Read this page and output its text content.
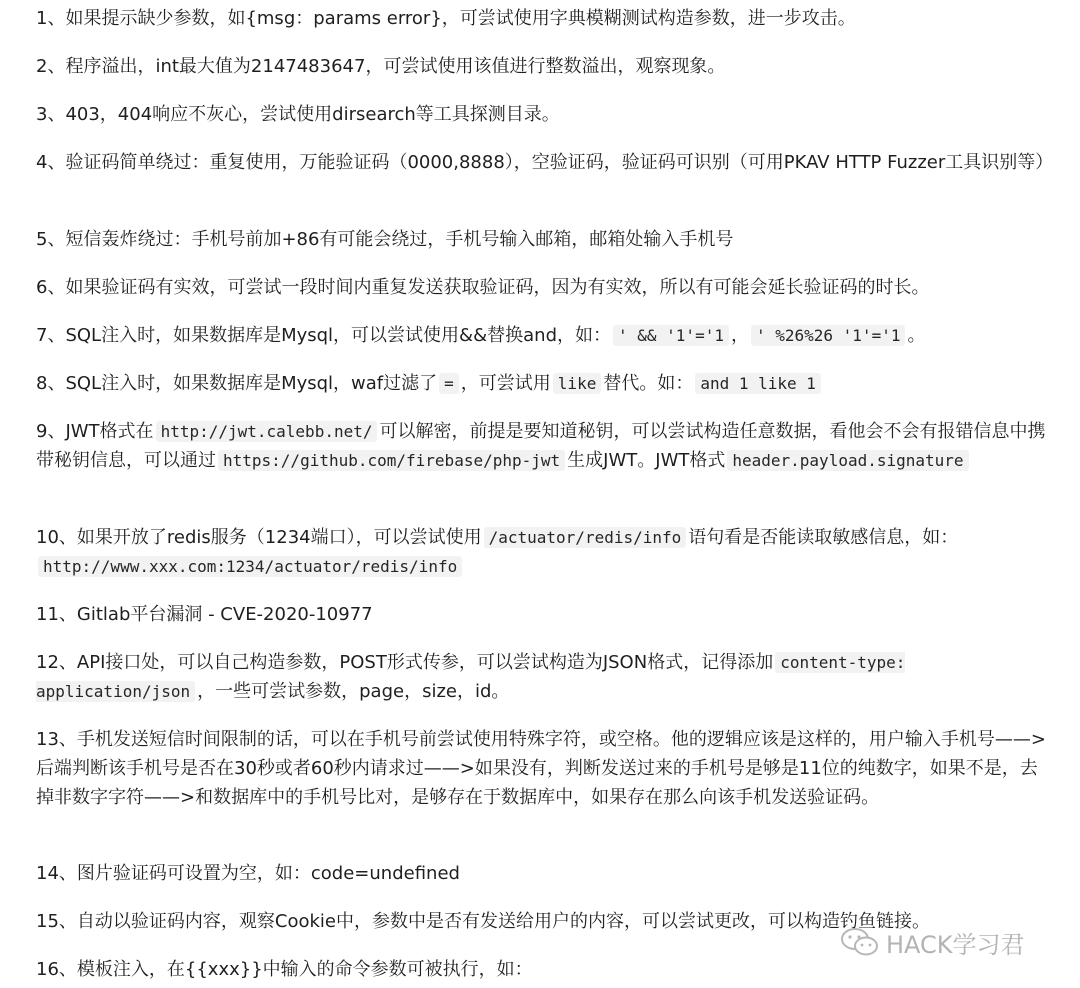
1、如果提示缺少参数，如{msg：params error}，可尝试使用字典模糊测试构造参数，进一步攻击。
2、程序溢出，int最大值为2147483647，可尝试使用该值进行整数溢出，观察现象。
3、403，404响应不灰心，尝试使用dirsearch等工具探测目录。
4、验证码简单绕过：重复使用，万能验证码（0000,8888），空验证码，验证码可识别（可用PKAV HTTP Fuzzer工具识别等）
5、短信轰炸绕过：手机号前加+86有可能会绕过，手机号输入邮箱，邮箱处输入手机号
6、如果验证码有实效，可尝试一段时间内重复发送获取验证码，因为有实效，所以有可能会延长验证码的时长。
7、SQL注入时，如果数据库是Mysql，可以尝试使用&&替换and，如： ' && '1'='1 ， ' %26%26 '1'='1 。
8、SQL注入时，如果数据库是Mysql，waf过滤了 = ，可尝试用 like 替代。如： and 1 like 1
9、JWT格式在 http://jwt.calebb.net/ 可以解密，前提是要知道秘钥，可以尝试构造任意数据，看他会不会有报错信息中携带秘钥信息，可以通过 https://github.com/firebase/php-jwt 生成JWT。JWT格式 header.payload.signature
10、如果开放了redis服务（1234端口），可以尝试使用 /actuator/redis/info 语句看是否能读取敏感信息，如：http://www.xxx.com:1234/actuator/redis/info
11、Gitlab平台漏洞 - CVE-2020-10977
12、API接口处，可以自己构造参数，POST形式传参，可以尝试构造为JSON格式，记得添加 content-type: application/json ，一些可尝试参数，page，size，id。
13、手机发送短信时间限制的话，可以在手机号前尝试使用特殊字符，或空格。他的逻辑应该是这样的，用户输入手机号——>后端判断该手机号是否在30秒或者60秒内请求过——>如果没有，判断发送过来的手机号是够是11位的纯数字，如果不是，去掉非数字字符——>和数据库中的手机号比对，是够存在于数据库中，如果存在那么向该手机发送验证码。
14、图片验证码可设置为空，如：code=undefined
15、自动以验证码内容，观察Cookie中，参数中是否有发送给用户的内容，可以尝试更改，可以构造钓鱼链接。
16、模板注入，在{{xxx}}中输入的命令参数可被执行，如：
HACK学习君
